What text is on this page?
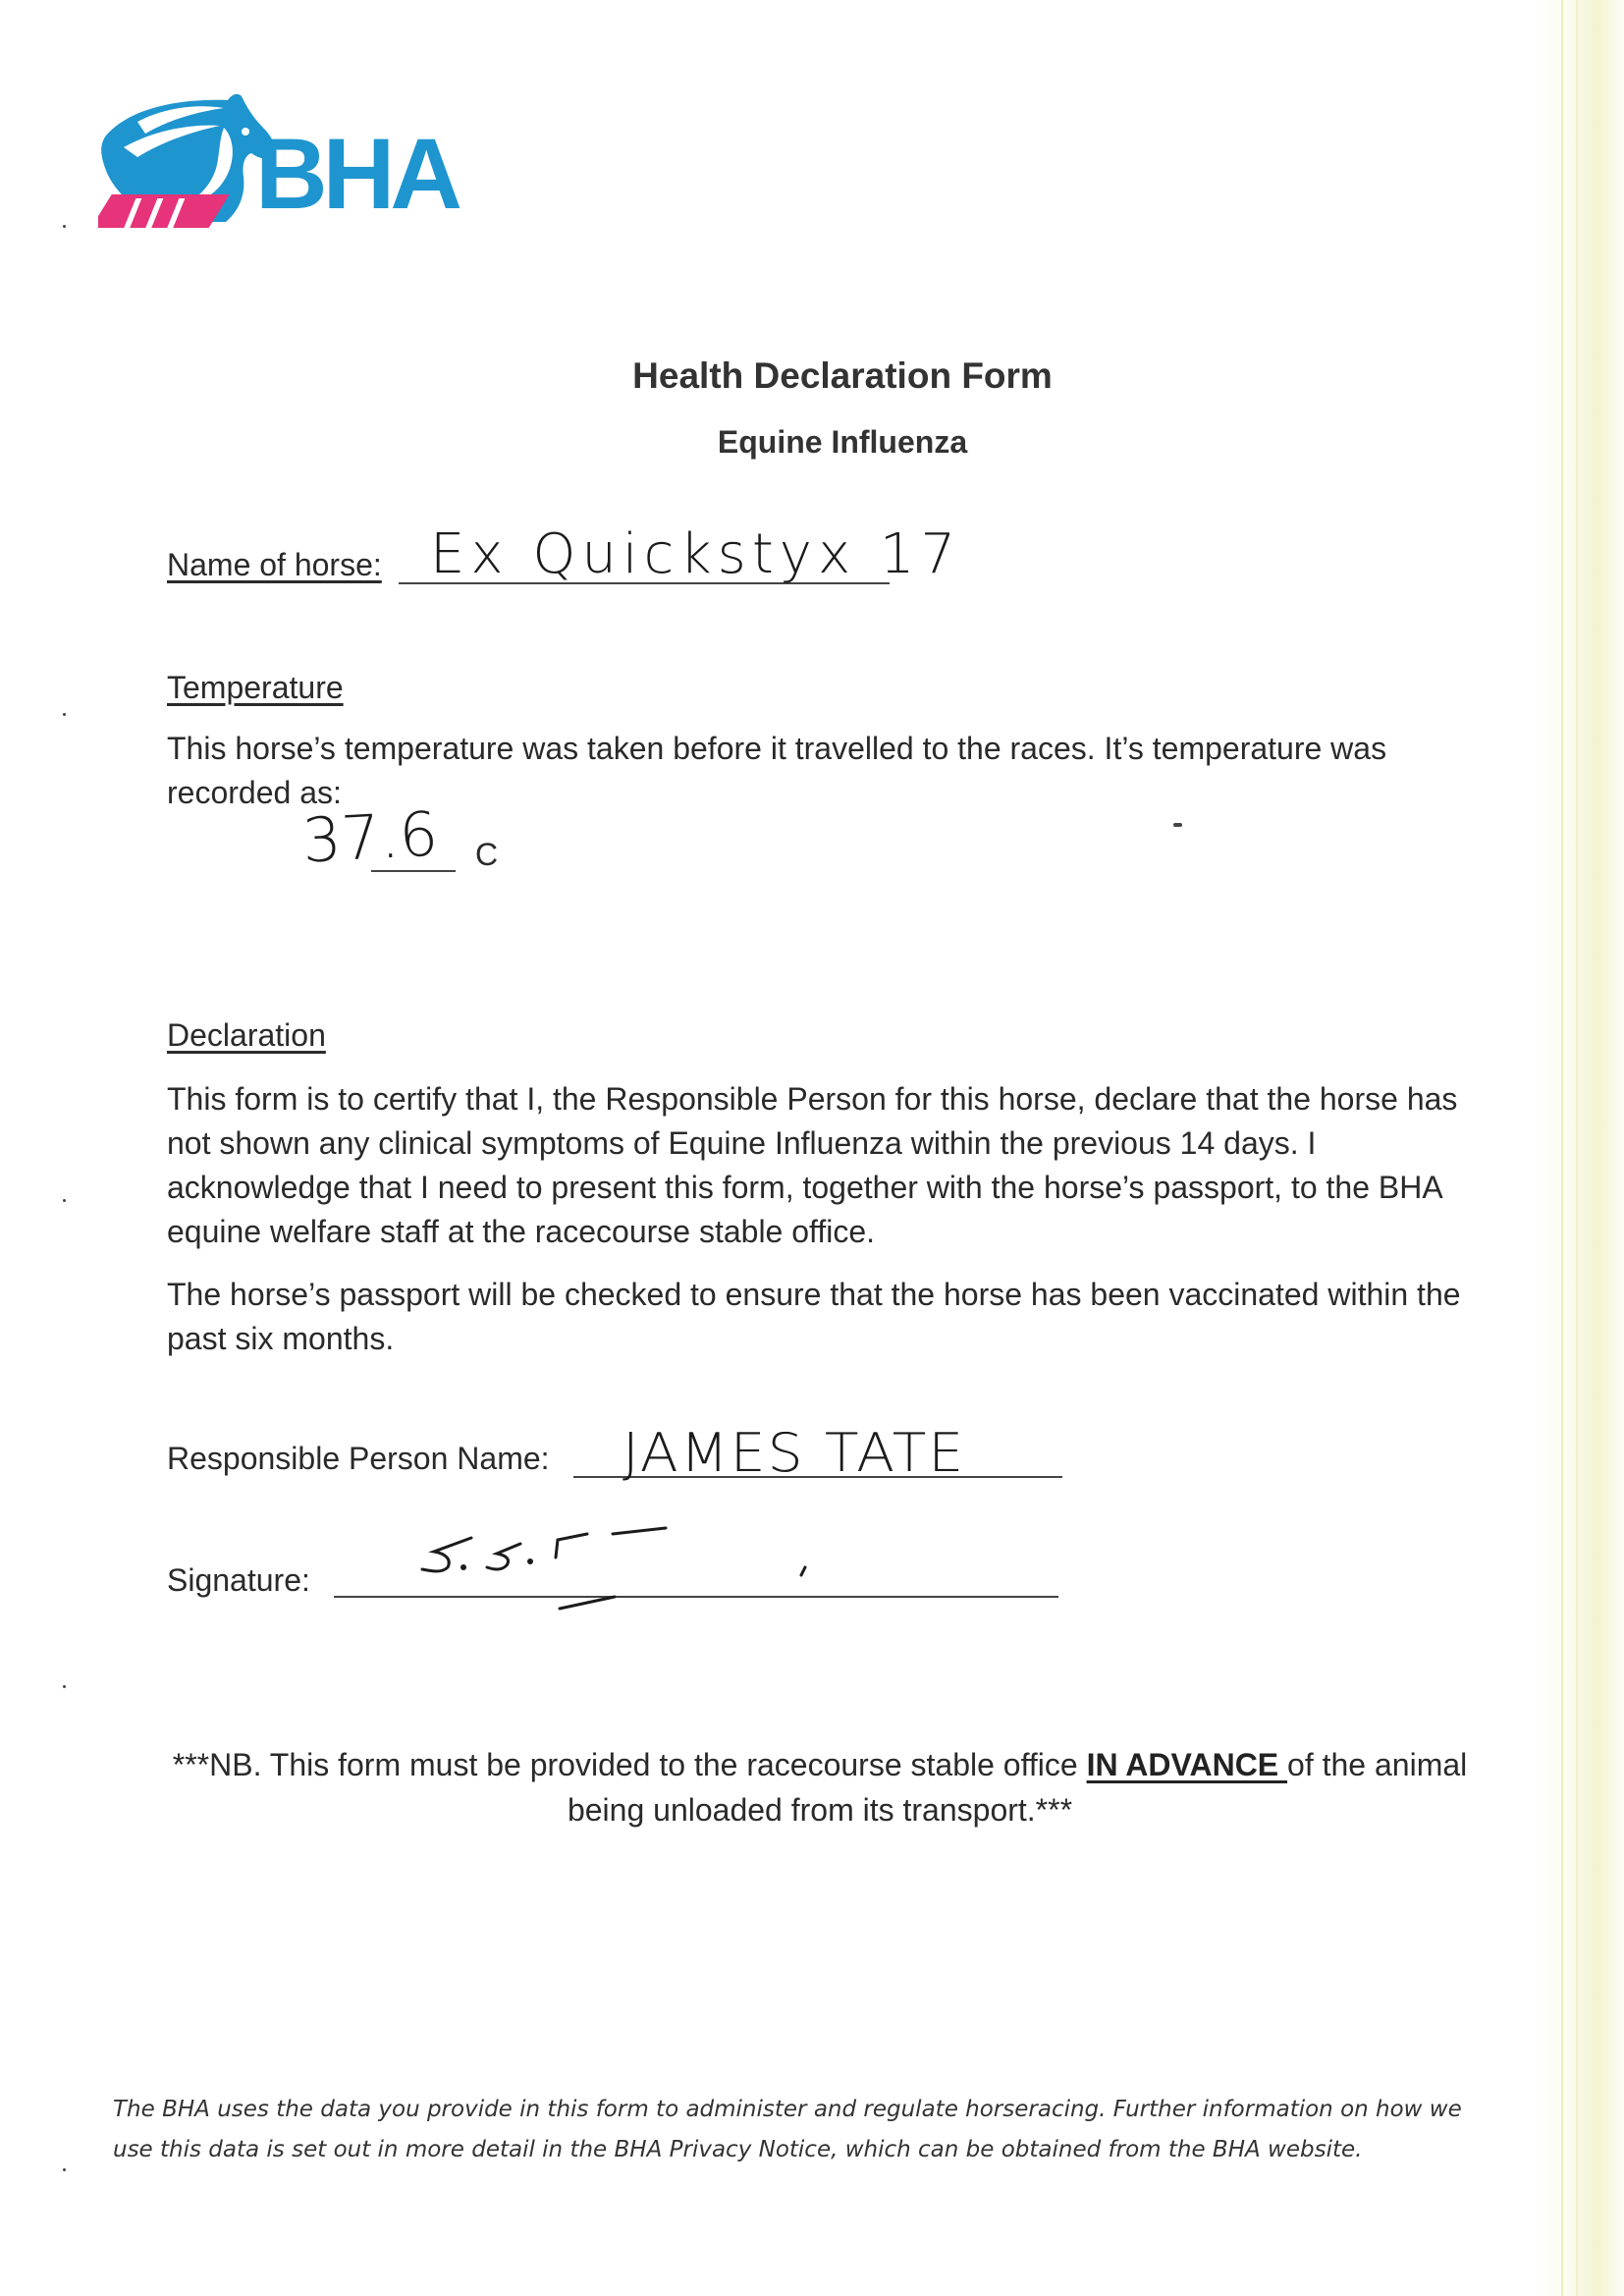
BHA
Health Declaration Form
Equine Influenza
Name of horse: Ex Quickstyx 17
Temperature

This horse’s temperature was taken before it travelled to the races. It’s temperature was recorded as:

37.6 C
Declaration

This form is to certify that I, the Responsible Person for this horse, declare that the horse has not shown any clinical symptoms of Equine Influenza within the previous 14 days. I acknowledge that I need to present this form, together with the horse’s passport, to the BHA equine welfare staff at the racecourse stable office.

The horse’s passport will be checked to ensure that the horse has been vaccinated within the past six months.

Responsible Person Name: JAMES TATE
Signature:

***NB. This form must be provided to the racecourse stable office IN ADVANCE of the animal being unloaded from its transport.***

The BHA uses the data you provide in this form to administer and regulate horseracing. Further information on how we use this data is set out in more detail in the BHA Privacy Notice, which can be obtained from the BHA website.
